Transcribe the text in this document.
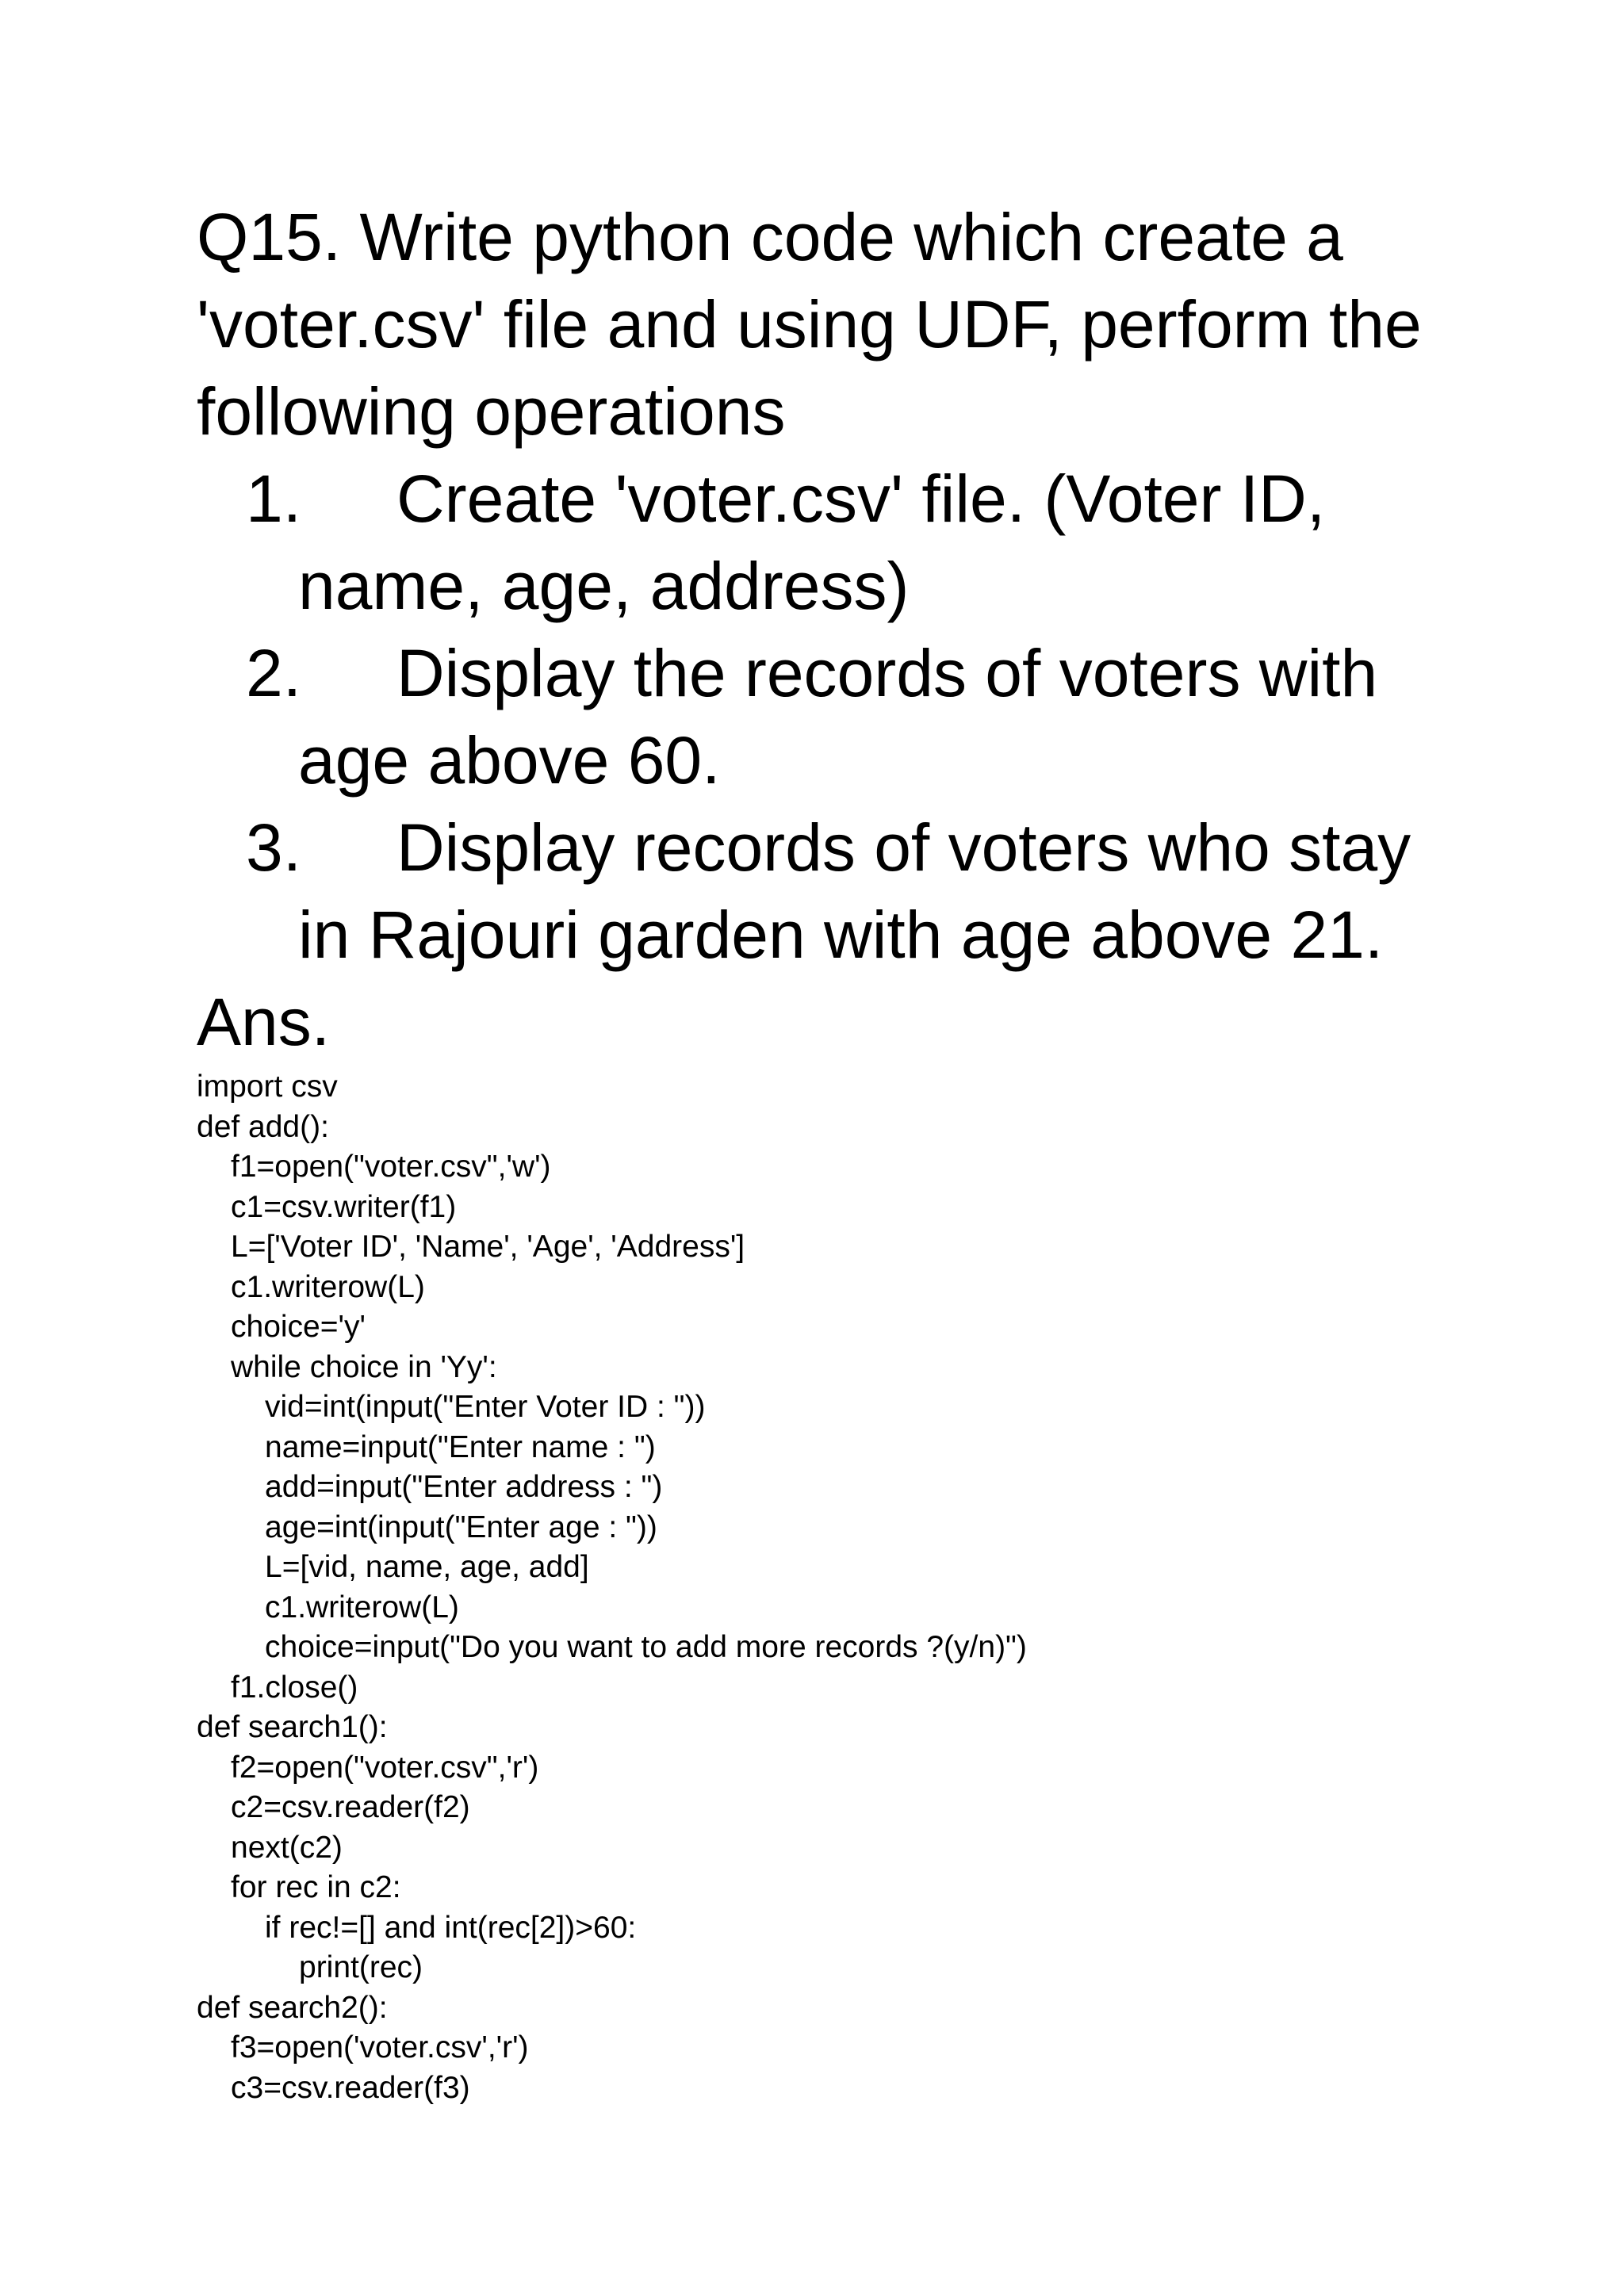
Q15. Write python code which create a
'voter.csv' file and using UDF, perform the
following operations
1.	Create 'voter.csv' file. (Voter ID,
name, age, address)
2.	Display the records of voters with
age above 60.
3.	Display records of voters who stay
in Rajouri garden with age above 21.
Ans.
import csv
def add():
f1=open("voter.csv",'w')
c1=csv.writer(f1)
L=['Voter ID', 'Name', 'Age', 'Address']
c1.writerow(L)
choice='y'
while choice in 'Yy':
vid=int(input("Enter Voter ID : "))
name=input("Enter name : ")
add=input("Enter address : ")
age=int(input("Enter age : "))
L=[vid, name, age, add]
c1.writerow(L)
choice=input("Do you want to add more records ?(y/n)")
f1.close()
def search1():
f2=open("voter.csv",'r')
c2=csv.reader(f2)
next(c2)
for rec in c2:
if rec!=[] and int(rec[2])>60:
print(rec)
def search2():
f3=open('voter.csv','r')
c3=csv.reader(f3)
